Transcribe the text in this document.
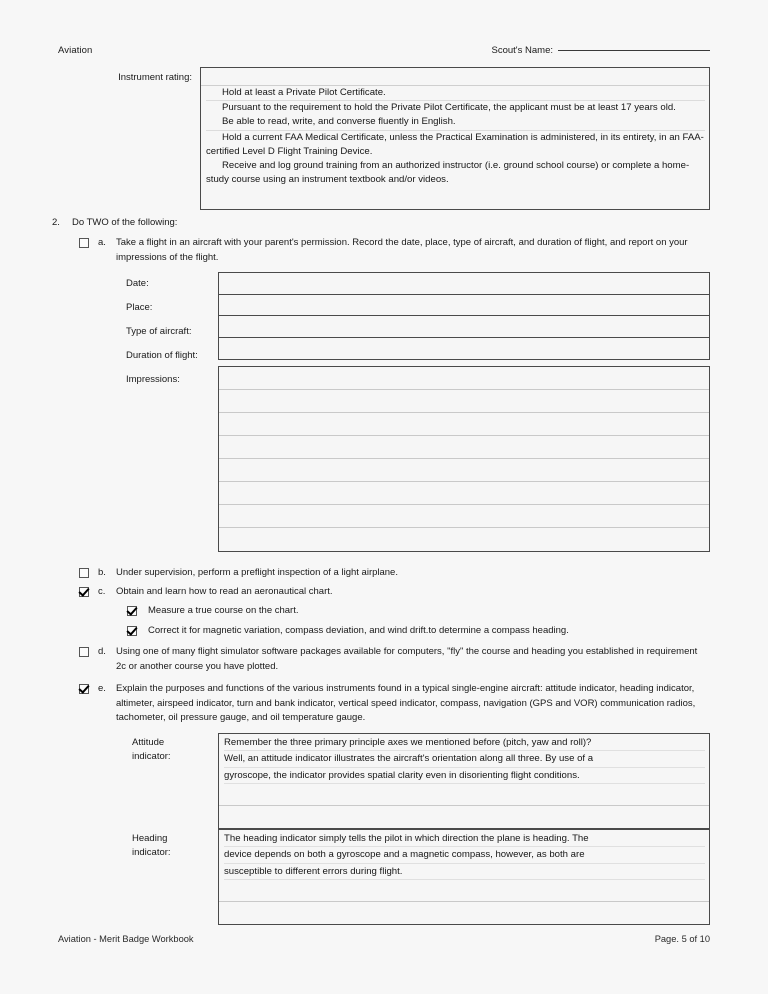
Aviation	Scout's Name:
Instrument rating:

Hold at least a Private Pilot Certificate.

Pursuant to the requirement to hold the Private Pilot Certificate, the applicant must be at least 17 years old.

Be able to read, write, and converse fluently in English.

Hold a current FAA Medical Certificate, unless the Practical Examination is administered, in its entirety, in an FAA-certified Level D Flight Training Device.

Receive and log ground training from an authorized instructor (i.e. ground school course) or complete a home-study course using an instrument textbook and/or videos.

2. Do TWO of the following:
a.	Take a flight in an aircraft with your parent's permission. Record the date, place, type of aircraft, and duration of flight, and report on your impressions of the flight.
Date:
Place:
Type of aircraft:
Duration of flight:
Impressions:
b.	Under supervision, perform a preflight inspection of a light airplane.
c.	Obtain and learn how to read an aeronautical chart.
Measure a true course on the chart.
Correct it for magnetic variation, compass deviation, and wind drift.to determine a compass heading.
d.	Using one of many flight simulator software packages available for computers, "fly" the course and heading you established in requirement 2c or another course you have plotted.
e.	Explain the purposes and functions of the various instruments found in a typical single-engine aircraft: attitude indicator, heading indicator, altimeter, airspeed indicator, turn and bank indicator, vertical speed indicator, compass, navigation (GPS and VOR) communication radios, tachometer, oil pressure gauge, and oil temperature gauge.
Attitude
indicator:
Remember the three primary principle axes we mentioned before (pitch, yaw and roll)?
Well, an attitude indicator illustrates the aircraft's orientation along all three. By use of a
gyroscope, the indicator provides spatial clarity even in disorienting flight conditions.
Heading
indicator:
The heading indicator simply tells the pilot in which direction the plane is heading. The
device depends on both a gyroscope and a magnetic compass, however, as both are
susceptible to different errors during flight.
Aviation - Merit Badge Workbook	Page. 5 of 10
